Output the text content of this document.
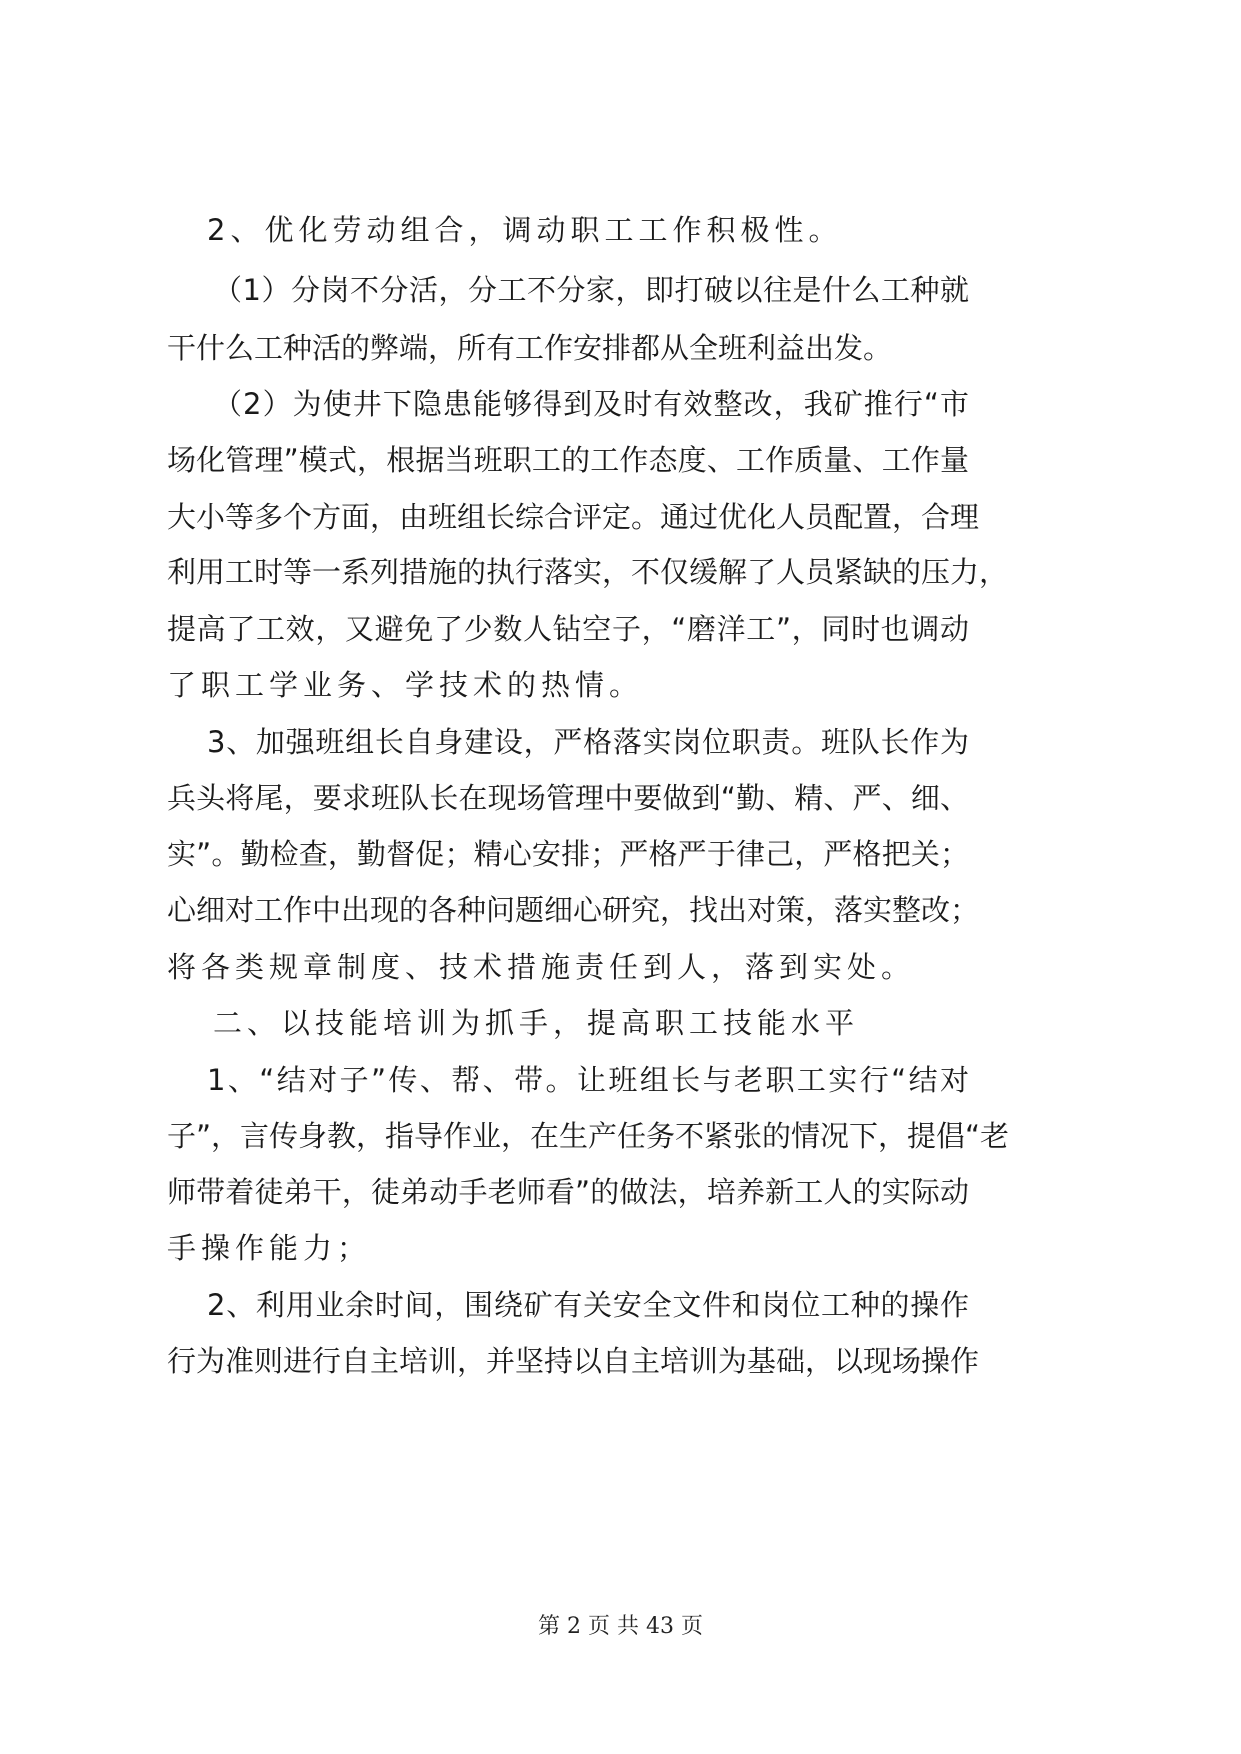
2、优化劳动组合，调动职工工作积极性。
（1）分岗不分活，分工不分家，即打破以往是什么工种就
干什么工种活的弊端，所有工作安排都从全班利益出发。
（2）为使井下隐患能够得到及时有效整改，我矿推行“市
场化管理”模式，根据当班职工的工作态度、工作质量、工作量
大小等多个方面，由班组长综合评定。通过优化人员配置，合理
利用工时等一系列措施的执行落实，不仅缓解了人员紧缺的压力，
提高了工效，又避免了少数人钻空子，“磨洋工”，同时也调动
了职工学业务、学技术的热情。
3、加强班组长自身建设，严格落实岗位职责。班队长作为
兵头将尾，要求班队长在现场管理中要做到“勤、精、严、细、
实”。勤检查，勤督促；精心安排；严格严于律己，严格把关；
心细对工作中出现的各种问题细心研究，找出对策，落实整改；
将各类规章制度、技术措施责任到人，落到实处。
二、以技能培训为抓手，提高职工技能水平
1、“结对子”传、帮、带。让班组长与老职工实行“结对
子”，言传身教，指导作业，在生产任务不紧张的情况下，提倡“老
师带着徒弟干，徒弟动手老师看”的做法，培养新工人的实际动
手操作能力；
2、利用业余时间，围绕矿有关安全文件和岗位工种的操作
行为准则进行自主培训，并坚持以自主培训为基础，以现场操作
第 2 页 共 43 页
